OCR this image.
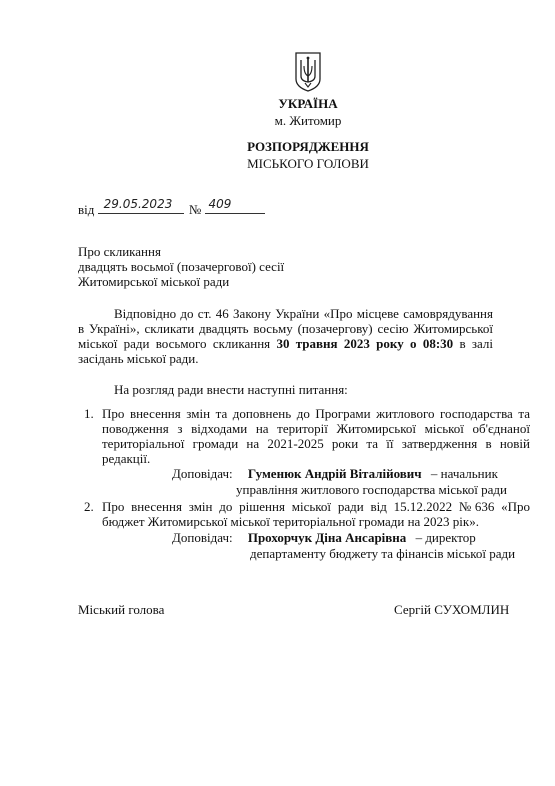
УКРАЇНА
м. Житомир
РОЗПОРЯДЖЕННЯ
МІСЬКОГО ГОЛОВИ
від 29.05.2023 № 409
Про скликання
двадцять восьмої (позачергової) сесії
Житомирської міської ради
Відповідно до ст. 46 Закону України «Про місцеве самоврядування в Україні», скликати двадцять восьму (позачергову) сесію Житомирської міської ради восьмого скликання 30 травня 2023 року о 08:30 в залі засідань міської ради.
На розгляд ради внести наступні питання:
1. Про внесення змін та доповнень до Програми житлового господарства та поводження з відходами на території Житомирської міської об'єднаної територіальної громади на 2021-2025 роки та її затвердження в новій редакції.
Доповідач: Гуменюк Андрій Віталійович – начальник
управління житлового господарства міської ради
2. Про внесення змін до рішення міської ради від 15.12.2022 №636 «Про бюджет Житомирської міської територіальної громади на 2023 рік».
Доповідач: Прохорчук Діна Ансарівна – директор
департаменту бюджету та фінансів міської ради
Міський голова	Сергій СУХОМЛИН
